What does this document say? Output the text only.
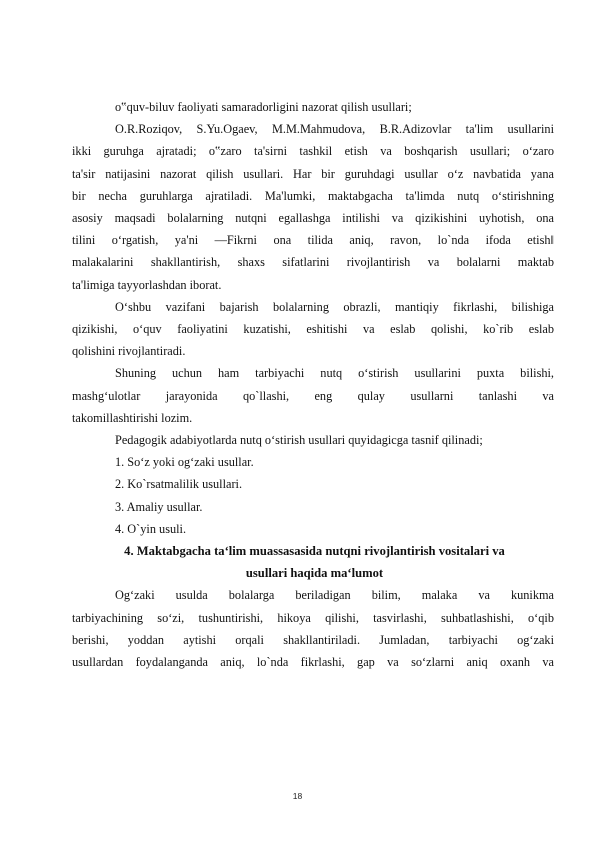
o‟quv-biluv faoliyati samaradorligini nazorat qilish usullari;

O.R.Roziqov, S.Yu.Ogaev, M.M.Mahmudova, B.R.Adizovlar ta'lim usullarini

ikki guruhga ajratadi; o‟zaro ta'sirni tashkil etish va boshqarish usullari; o‘zaro

ta'sir natijasini nazorat qilish usullari. Har bir guruhdagi usullar o‘z navbatida yana

bir necha guruhlarga ajratiladi. Ma'lumki, maktabgacha ta'limda nutq o‘stirishning

asosiy maqsadi bolalarning nutqni egallashga intilishi va qizikishini uyhotish, ona

tilini o‘rgatish, ya'ni ―Fikrni ona tilida aniq, ravon, lo`nda ifoda etish‖

malakalarini shakllantirish, shaxs sifatlarini rivojlantirish va bolalarni maktab

ta'limiga tayyorlashdan iborat.

O‘shbu vazifani bajarish bolalarning obrazli, mantiqiy fikrlashi, bilishiga

qizikishi, o‘quv faoliyatini kuzatishi, eshitishi va eslab qolishi, ko`rib eslab

qolishini rivojlantiradi.

Shuning uchun ham tarbiyachi nutq o‘stirish usullarini puxta bilishi,

mashg‘ulotlar jarayonida qo`llashi, eng qulay usullarni tanlashi va

takomillashtirishi lozim.

Pedagogik adabiyotlarda nutq o‘stirish usullari quyidagicga tasnif qilinadi;

1. So‘z yoki og‘zaki usullar.

2. Ko`rsatmalilik usullari.

3. Amaliy usullar.

4. O`yin usuli.

4. Maktabgacha ta‘lim muassasasida nutqni rivojlantirish vositalari va

usullari haqida ma‘lumot

Og‘zaki usulda bolalarga beriladigan bilim, malaka va kunikma

tarbiyachining so‘zi, tushuntirishi, hikoya qilishi, tasvirlashi, suhbatlashishi, o‘qib

berishi, yoddan aytishi orqali shakllantiriladi. Jumladan, tarbiyachi og‘zaki

usullardan foydalanganda aniq, lo`nda fikrlashi, gap va so‘zlarni aniq oxanh va

18
